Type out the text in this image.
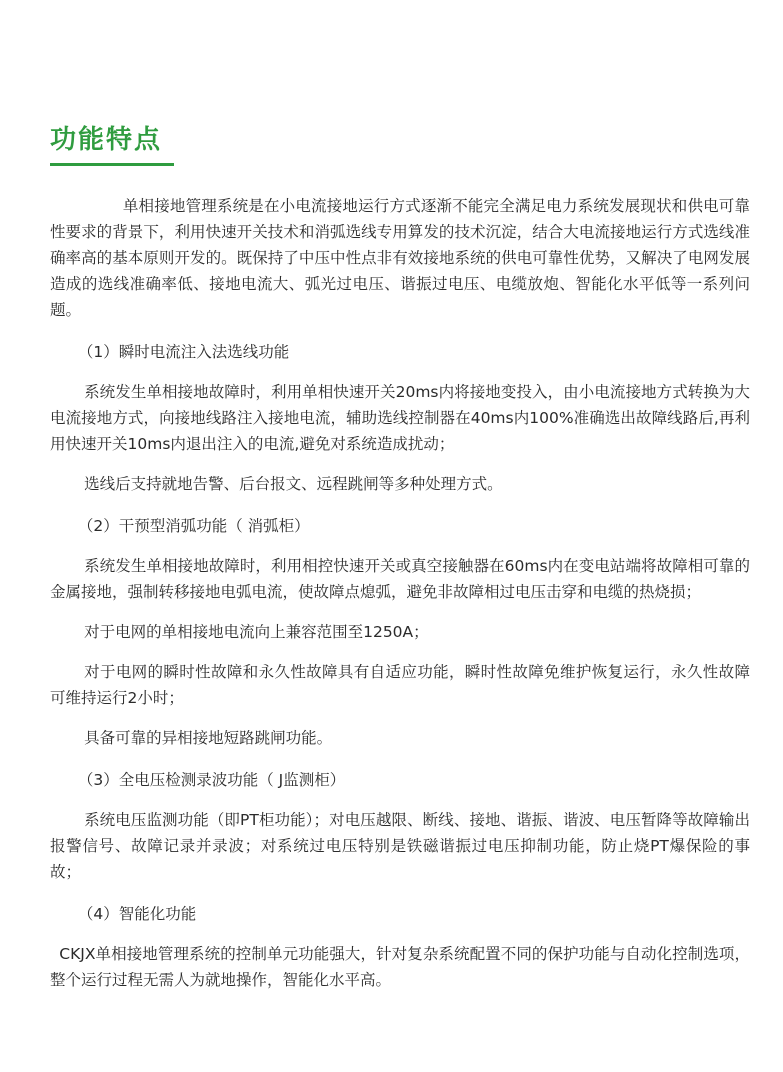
功能特点

单相接地管理系统是在小电流接地运行方式逐渐不能完全满足电力系统发展现状和供电可靠性要求的背景下，利用快速开关技术和消弧选线专用算发的技术沉淀，结合大电流接地运行方式选线准确率高的基本原则开发的。既保持了中压中性点非有效接地系统的供电可靠性优势，又解决了电网发展造成的选线准确率低、接地电流大、弧光过电压、谐振过电压、电缆放炮、智能化水平低等一系列问题。

（1）瞬时电流注入法选线功能

系统发生单相接地故障时，利用单相快速开关20ms内将接地变投入，由小电流接地方式转换为大电流接地方式，向接地线路注入接地电流，辅助选线控制器在40ms内100%准确选出故障线路后,再利用快速开关10ms内退出注入的电流,避免对系统造成扰动；

选线后支持就地告警、后台报文、远程跳闸等多种处理方式。

（2）干预型消弧功能（ 消弧柜）

系统发生单相接地故障时，利用相控快速开关或真空接触器在60ms内在变电站端将故障相可靠的金属接地，强制转移接地电弧电流，使故障点熄弧，避免非故障相过电压击穿和电缆的热烧损；

对于电网的单相接地电流向上兼容范围至1250A；

对于电网的瞬时性故障和永久性故障具有自适应功能，瞬时性故障免维护恢复运行，永久性故障可维持运行2小时；

具备可靠的异相接地短路跳闸功能。

（3）全电压检测录波功能（ J监测柜）

系统电压监测功能（即PT柜功能）；对电压越限、断线、接地、谐振、谐波、电压暂降等故障输出报警信号、故障记录并录波；对系统过电压特别是铁磁谐振过电压抑制功能，防止烧PT爆保险的事故；

（4）智能化功能

CKJX单相接地管理系统的控制单元功能强大，针对复杂系统配置不同的保护功能与自动化控制选项，整个运行过程无需人为就地操作，智能化水平高。
